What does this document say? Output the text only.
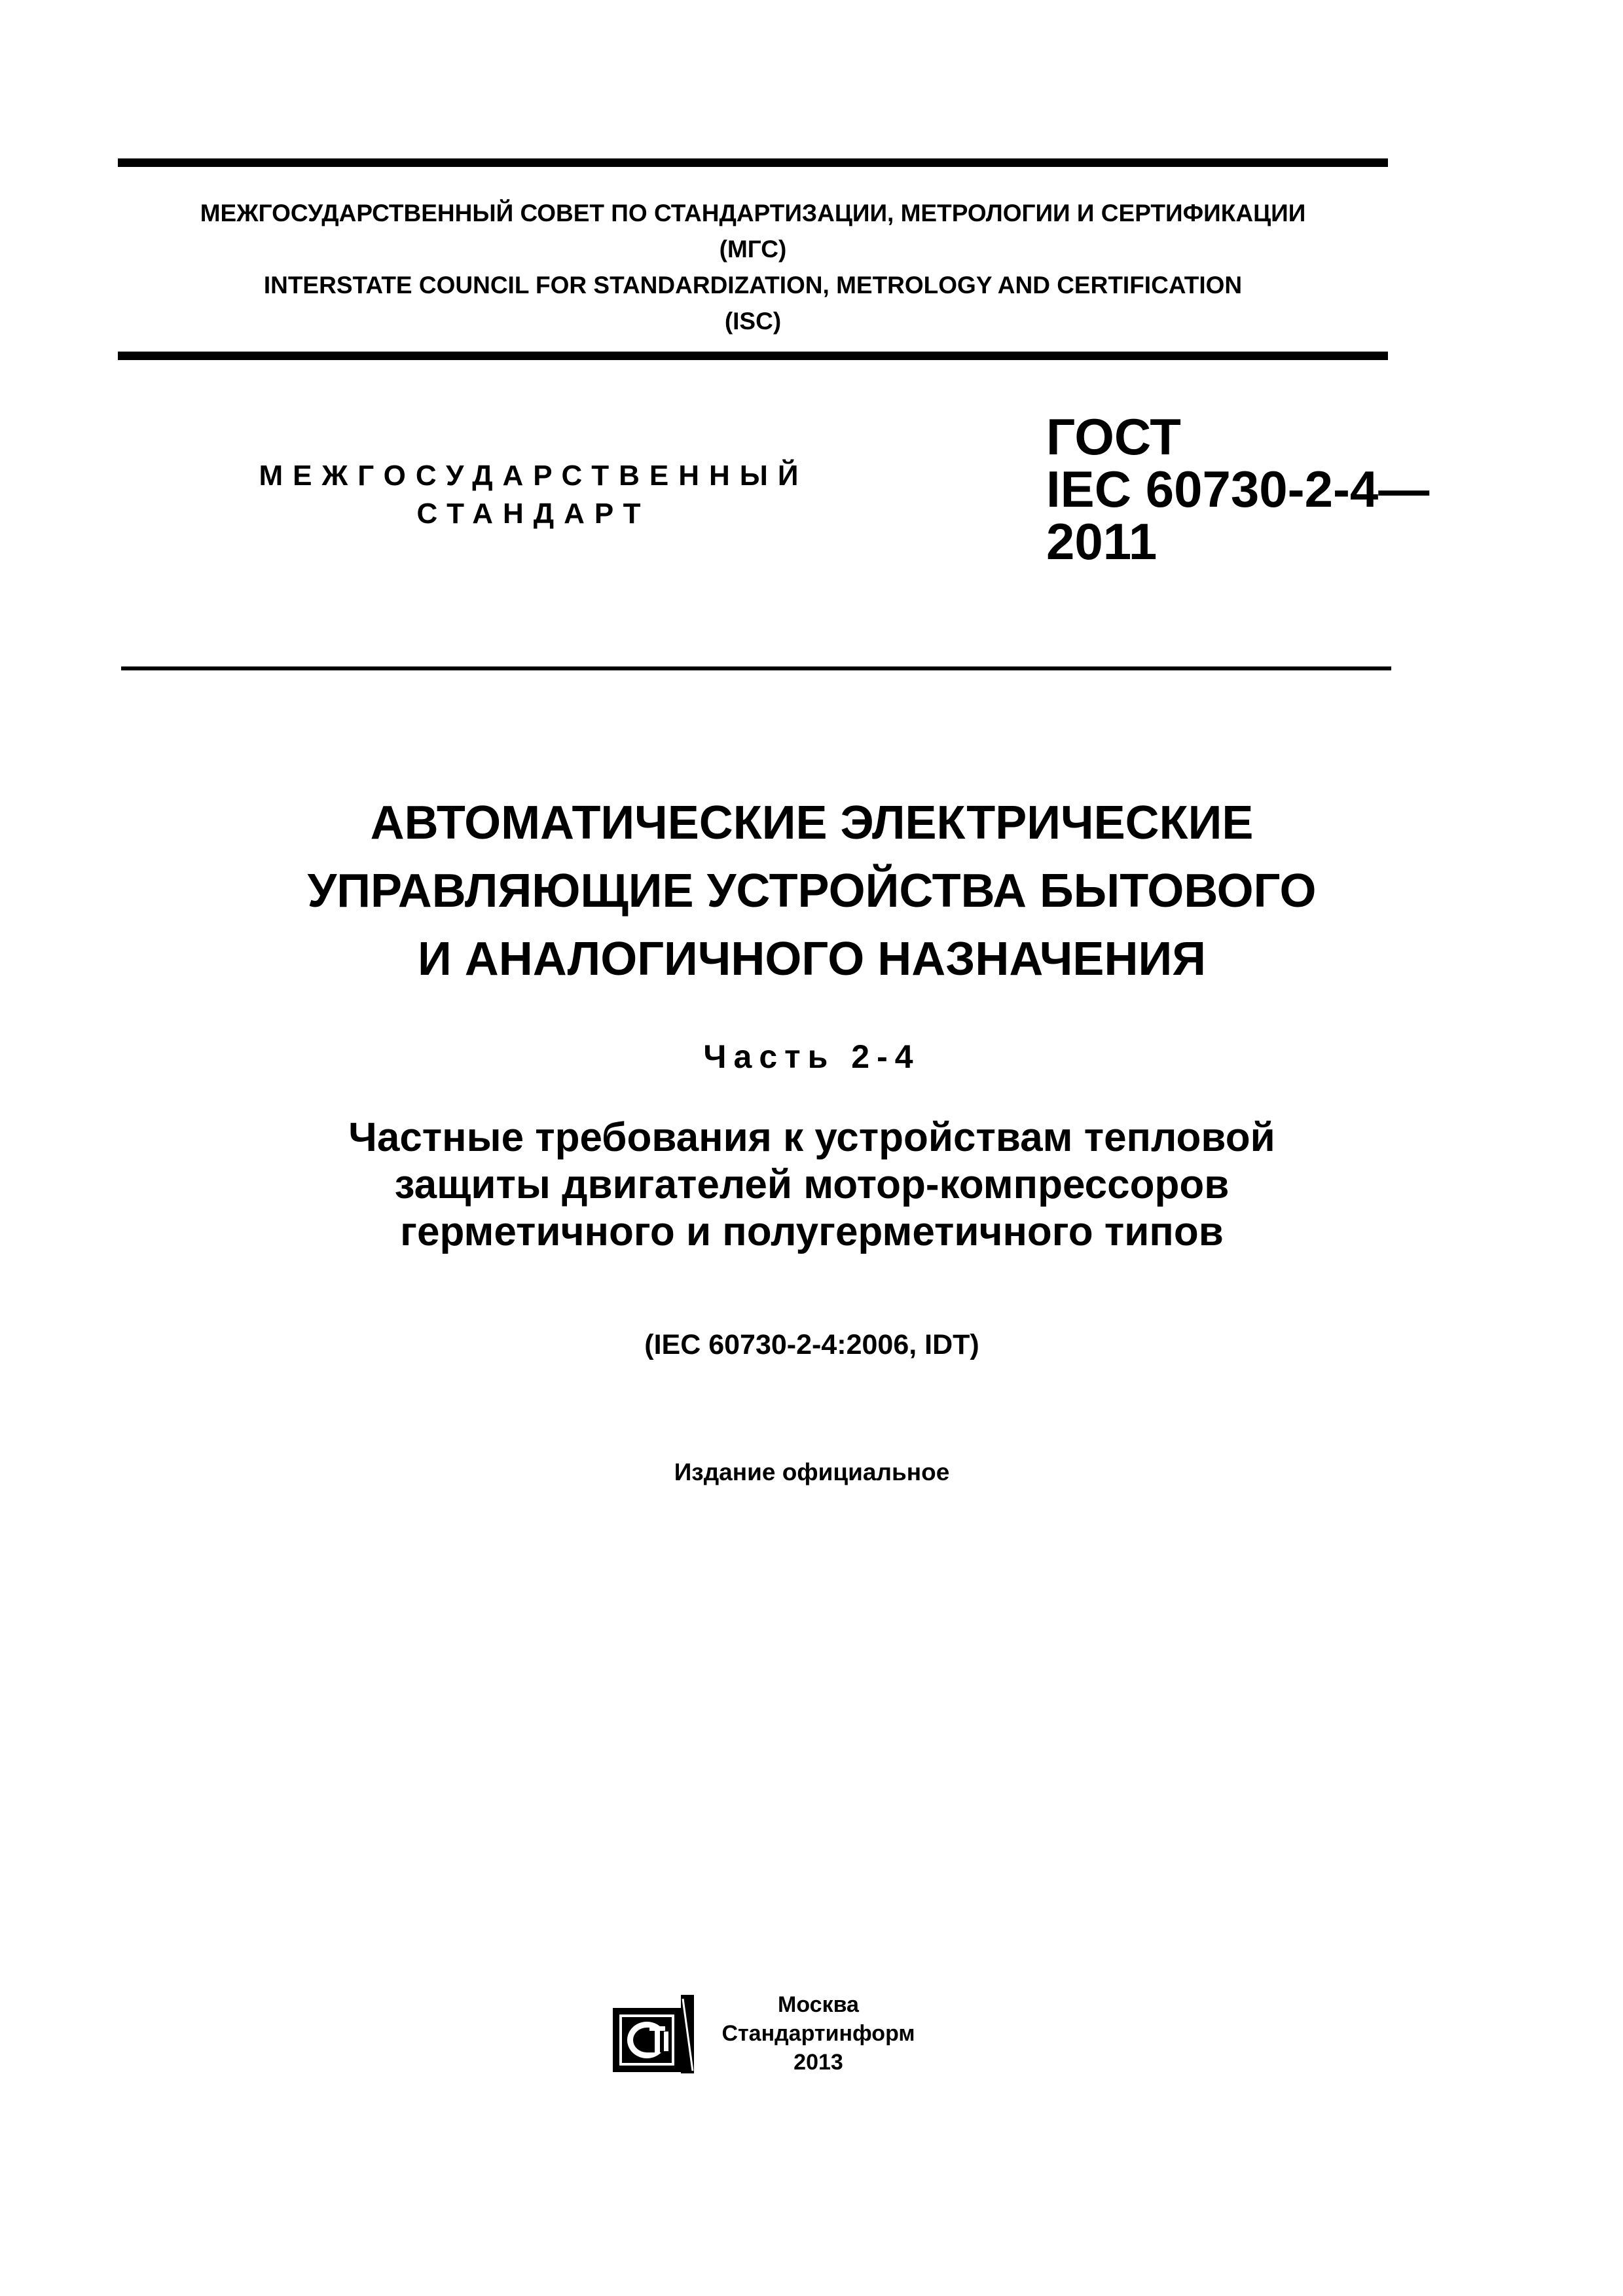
МЕЖГОСУДАРСТВЕННЫЙ СОВЕТ ПО СТАНДАРТИЗАЦИИ, МЕТРОЛОГИИ И СЕРТИФИКАЦИИ
(МГС)
INTERSTATE COUNCIL FOR STANDARDIZATION, METROLOGY AND CERTIFICATION
(ISC)
МЕЖГОСУДАРСТВЕННЫЙ
СТАНДАРТ
ГОСТ
IEC 60730-2-4—
2011
АВТОМАТИЧЕСКИЕ ЭЛЕКТРИЧЕСКИЕ
УПРАВЛЯЮЩИЕ УСТРОЙСТВА БЫТОВОГО
И АНАЛОГИЧНОГО НАЗНАЧЕНИЯ
Часть 2-4
Частные требования к устройствам тепловой
защиты двигателей мотор-компрессоров
герметичного и полугерметичного типов
(IEC 60730-2-4:2006, IDT)
Издание официальное
Москва
Стандартинформ
2013
